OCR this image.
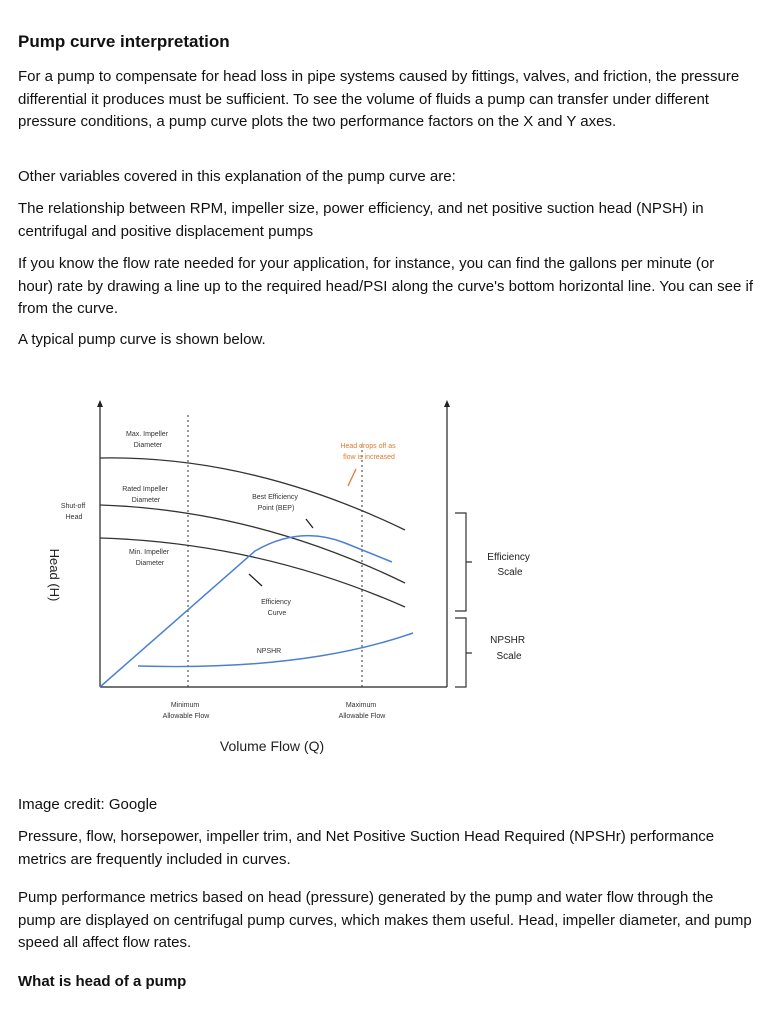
Pump curve interpretation

For a pump to compensate for head loss in pipe systems caused by fittings, valves, and friction, the pressure differential it produces must be sufficient. To see the volume of fluids a pump can transfer under different pressure conditions, a pump curve plots the two performance factors on the X and Y axes.

Other variables covered in this explanation of the pump curve are:

The relationship between RPM, impeller size, power efficiency, and net positive suction head (NPSH) in centrifugal and positive displacement pumps

If you know the flow rate needed for your application, for instance, you can find the gallons per minute (or hour) rate by drawing a line up to the required head/PSI along the curve's bottom horizontal line. You can see if from the curve.

A typical pump curve is shown below.

Shut-off Head
Max. Impeller Diameter
Rated Impeller Diameter
Min. Impeller Diameter
Best Efficiency Point (BEP)
Efficiency Curve
NPSHR
Head drops off as flow is increased
Minimum Allowable Flow
Maximum Allowable Flow
Head (H)
Volume Flow (Q)
Efficiency Scale
NPSHR Scale

Image credit: Google

Pressure, flow, horsepower, impeller trim, and Net Positive Suction Head Required (NPSHr) performance metrics are frequently included in curves.

Pump performance metrics based on head (pressure) generated by the pump and water flow through the pump are displayed on centrifugal pump curves, which makes them useful. Head, impeller diameter, and pump speed all affect flow rates.

What is head of a pump
